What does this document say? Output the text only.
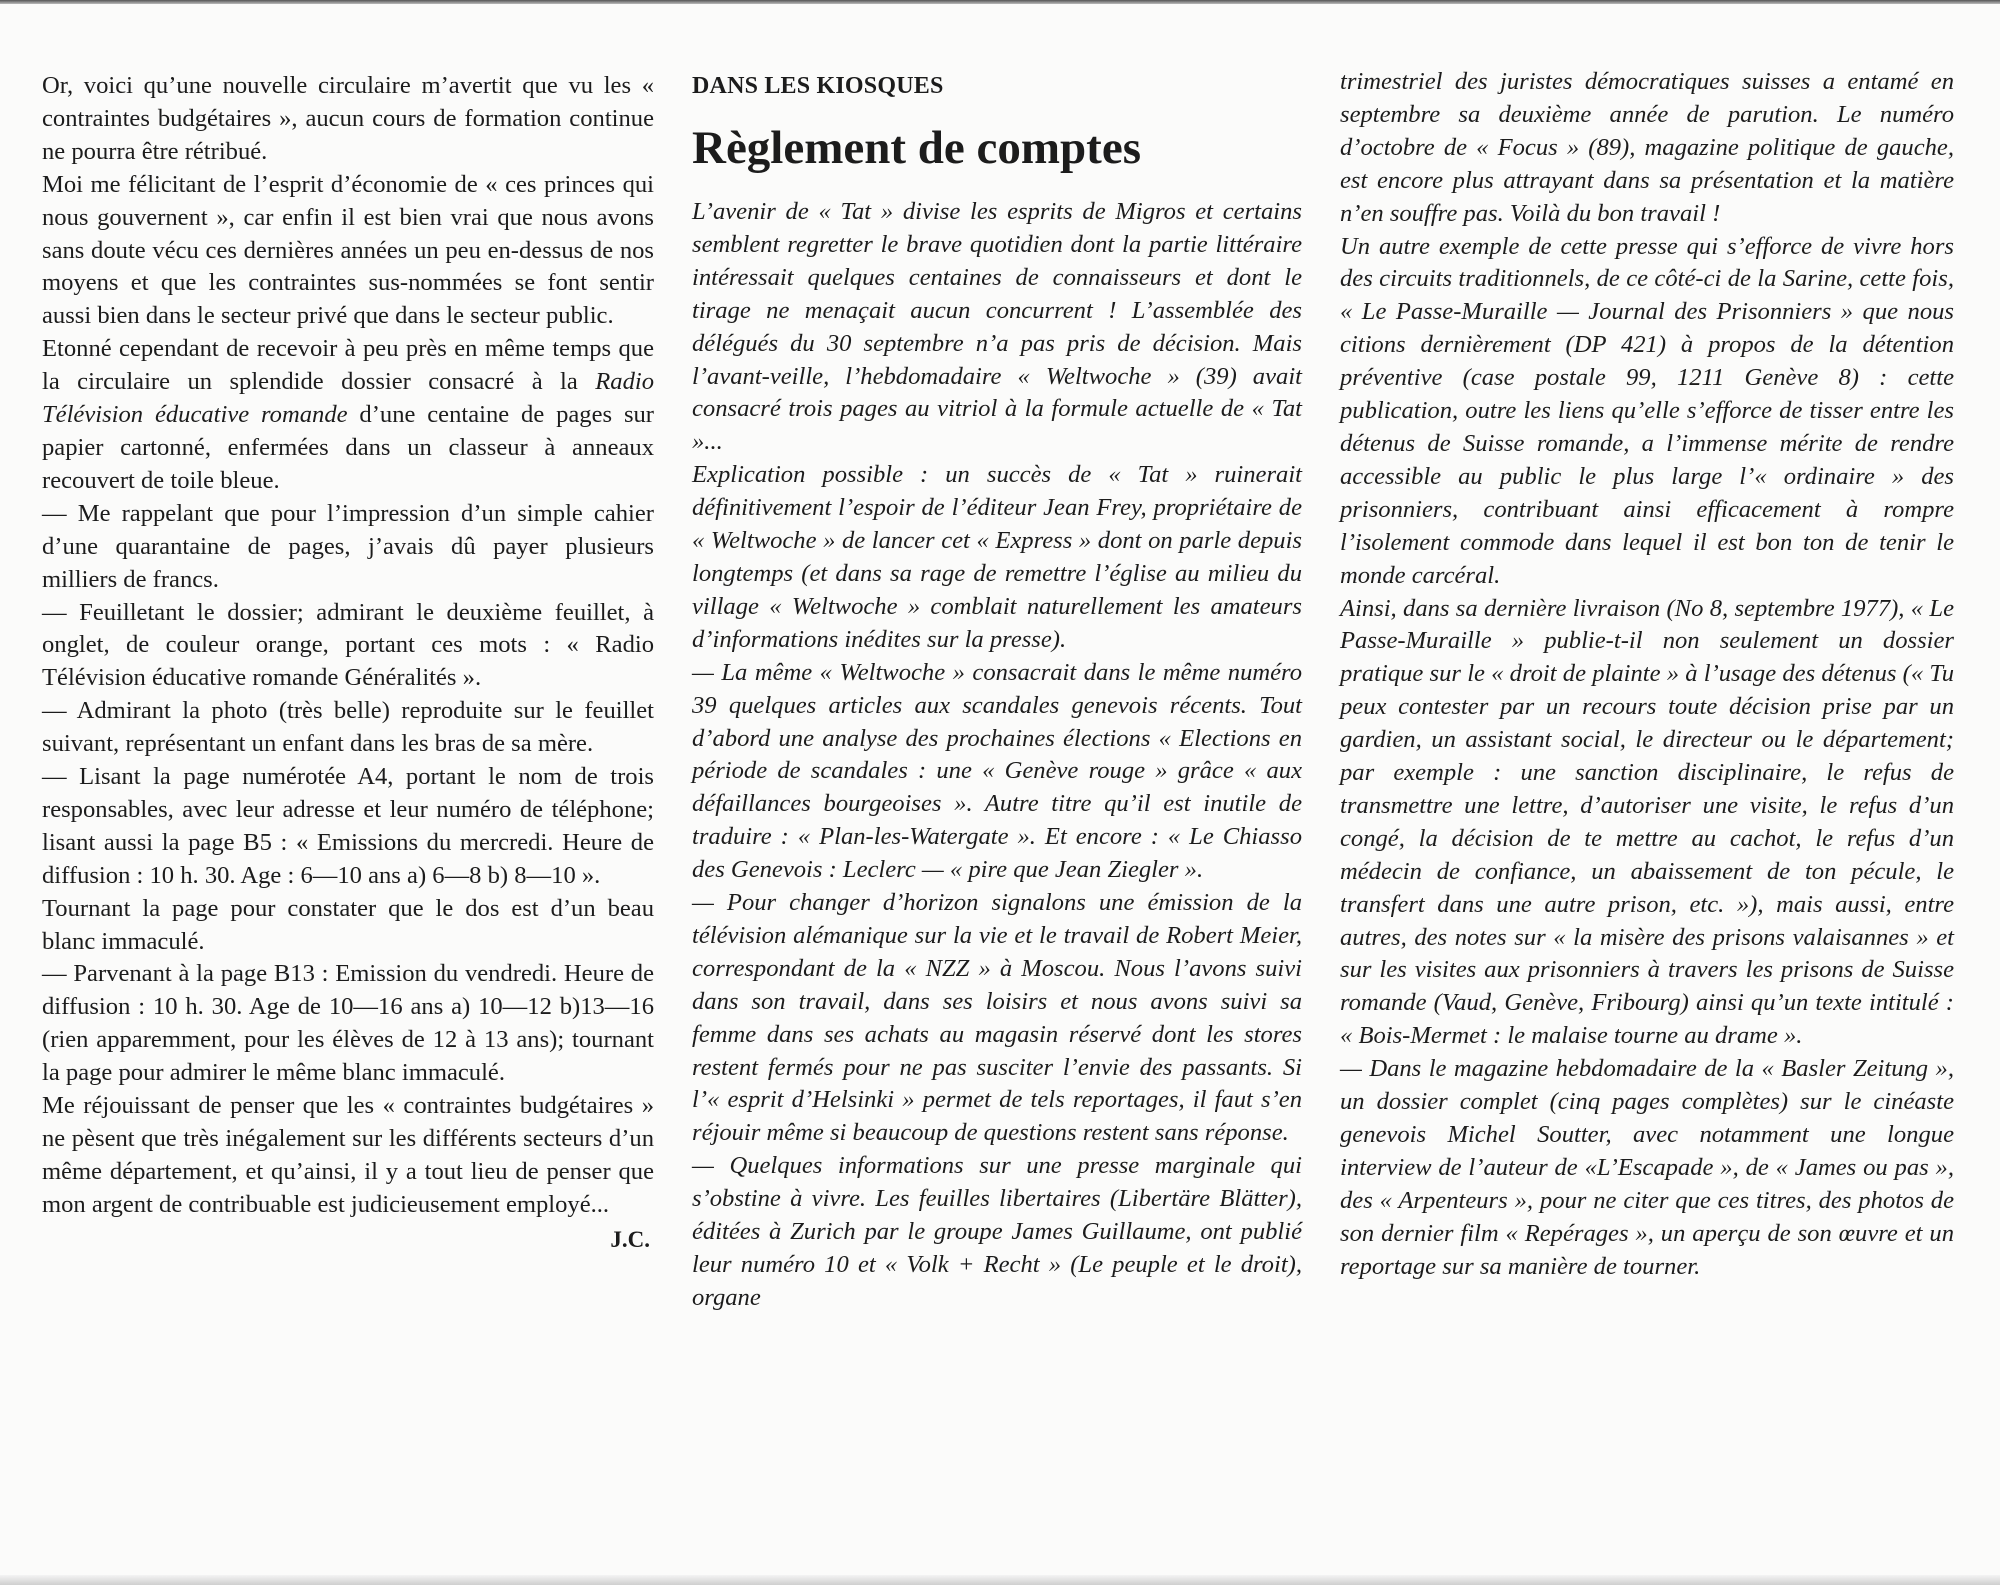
Or, voici qu’une nouvelle circulaire m’avertit que vu les « contraintes budgétaires », aucun cours de formation continue ne pourra être rétribué.

Moi me félicitant de l’esprit d’économie de « ces princes qui nous gouvernent », car enfin il est bien vrai que nous avons sans doute vécu ces dernières années un peu en-dessus de nos moyens et que les contraintes sus-nommées se font sentir aussi bien dans le secteur privé que dans le secteur public.

Etonné cependant de recevoir à peu près en même temps que la circulaire un splendide dossier consacré à la Radio Télévision éducative romande d’une centaine de pages sur papier cartonné, enfermées dans un classeur à anneaux recouvert de toile bleue.

— Me rappelant que pour l’impression d’un simple cahier d’une quarantaine de pages, j’avais dû payer plusieurs milliers de francs.

— Feuilletant le dossier; admirant le deuxième feuillet, à onglet, de couleur orange, portant ces mots : « Radio Télévision éducative romande Généralités ».

— Admirant la photo (très belle) reproduite sur le feuillet suivant, représentant un enfant dans les bras de sa mère.

— Lisant la page numérotée A4, portant le nom de trois responsables, avec leur adresse et leur numéro de téléphone; lisant aussi la page B5 : « Emissions du mercredi. Heure de diffusion : 10 h. 30. Age : 6—10 ans a) 6—8 b) 8—10 ».

Tournant la page pour constater que le dos est d’un beau blanc immaculé.

— Parvenant à la page B13 : Emission du vendredi. Heure de diffusion : 10 h. 30. Age de 10—16 ans a) 10—12 b)13—16 (rien apparemment, pour les élèves de 12 à 13 ans); tournant la page pour admirer le même blanc immaculé.

Me réjouissant de penser que les « contraintes budgétaires » ne pèsent que très inégalement sur les différents secteurs d’un même département, et qu’ainsi, il y a tout lieu de penser que mon argent de contribuable est judicieusement employé...

J.C.
DANS LES KIOSQUES
Règlement de comptes

L’avenir de « Tat » divise les esprits de Migros et certains semblent regretter le brave quotidien dont la partie littéraire intéressait quelques centaines de connaisseurs et dont le tirage ne menaçait aucun concurrent ! L’assemblée des délégués du 30 septembre n’a pas pris de décision. Mais l’avant-veille, l’hebdomadaire « Weltwoche » (39) avait consacré trois pages au vitriol à la formule actuelle de « Tat »...

Explication possible : un succès de « Tat » ruinerait définitivement l’espoir de l’éditeur Jean Frey, propriétaire de « Weltwoche » de lancer cet « Express » dont on parle depuis longtemps (et dans sa rage de remettre l’église au milieu du village « Weltwoche » comblait naturellement les amateurs d’informations inédites sur la presse).

— La même « Weltwoche » consacrait dans le même numéro 39 quelques articles aux scandales genevois récents. Tout d’abord une analyse des prochaines élections « Elections en période de scandales : une « Genève rouge » grâce « aux défaillances bourgeoises ». Autre titre qu’il est inutile de traduire : « Plan-les-Watergate ». Et encore : « Le Chiasso des Genevois : Leclerc — « pire que Jean Ziegler ».

— Pour changer d’horizon signalons une émission de la télévision alémanique sur la vie et le travail de Robert Meier, correspondant de la « NZZ » à Moscou. Nous l’avons suivi dans son travail, dans ses loisirs et nous avons suivi sa femme dans ses achats au magasin réservé dont les stores restent fermés pour ne pas susciter l’envie des passants. Si l’« esprit d’Helsinki » permet de tels reportages, il faut s’en réjouir même si beaucoup de questions restent sans réponse.

— Quelques informations sur une presse marginale qui s’obstine à vivre. Les feuilles libertaires (Libertäre Blätter), éditées à Zurich par le groupe James Guillaume, ont publié leur numéro 10 et « Volk + Recht » (Le peuple et le droit), organe

trimestriel des juristes démocratiques suisses a entamé en septembre sa deuxième année de parution. Le numéro d’octobre de « Focus » (89), magazine politique de gauche, est encore plus attrayant dans sa présentation et la matière n’en souffre pas. Voilà du bon travail !

Un autre exemple de cette presse qui s’efforce de vivre hors des circuits traditionnels, de ce côté-ci de la Sarine, cette fois, « Le Passe-Muraille — Journal des Prisonniers » que nous citions dernièrement (DP 421) à propos de la détention préventive (case postale 99, 1211 Genève 8) : cette publication, outre les liens qu’elle s’efforce de tisser entre les détenus de Suisse romande, a l’immense mérite de rendre accessible au public le plus large l’« ordinaire » des prisonniers, contribuant ainsi efficacement à rompre l’isolement commode dans lequel il est bon ton de tenir le monde carcéral.

Ainsi, dans sa dernière livraison (No 8, septembre 1977), « Le Passe-Muraille » publie-t-il non seulement un dossier pratique sur le « droit de plainte » à l’usage des détenus (« Tu peux contester par un recours toute décision prise par un gardien, un assistant social, le directeur ou le département; par exemple : une sanction disciplinaire, le refus de transmettre une lettre, d’autoriser une visite, le refus d’un congé, la décision de te mettre au cachot, le refus d’un médecin de confiance, un abaissement de ton pécule, le transfert dans une autre prison, etc. »), mais aussi, entre autres, des notes sur « la misère des prisons valaisannes » et sur les visites aux prisonniers à travers les prisons de Suisse romande (Vaud, Genève, Fribourg) ainsi qu’un texte intitulé : « Bois-Mermet : le malaise tourne au drame ».

— Dans le magazine hebdomadaire de la « Basler Zeitung », un dossier complet (cinq pages complètes) sur le cinéaste genevois Michel Soutter, avec notamment une longue interview de l’auteur de «L’Escapade », de « James ou pas », des « Arpenteurs », pour ne citer que ces titres, des photos de son dernier film « Repérages », un aperçu de son œuvre et un reportage sur sa manière de tourner.
